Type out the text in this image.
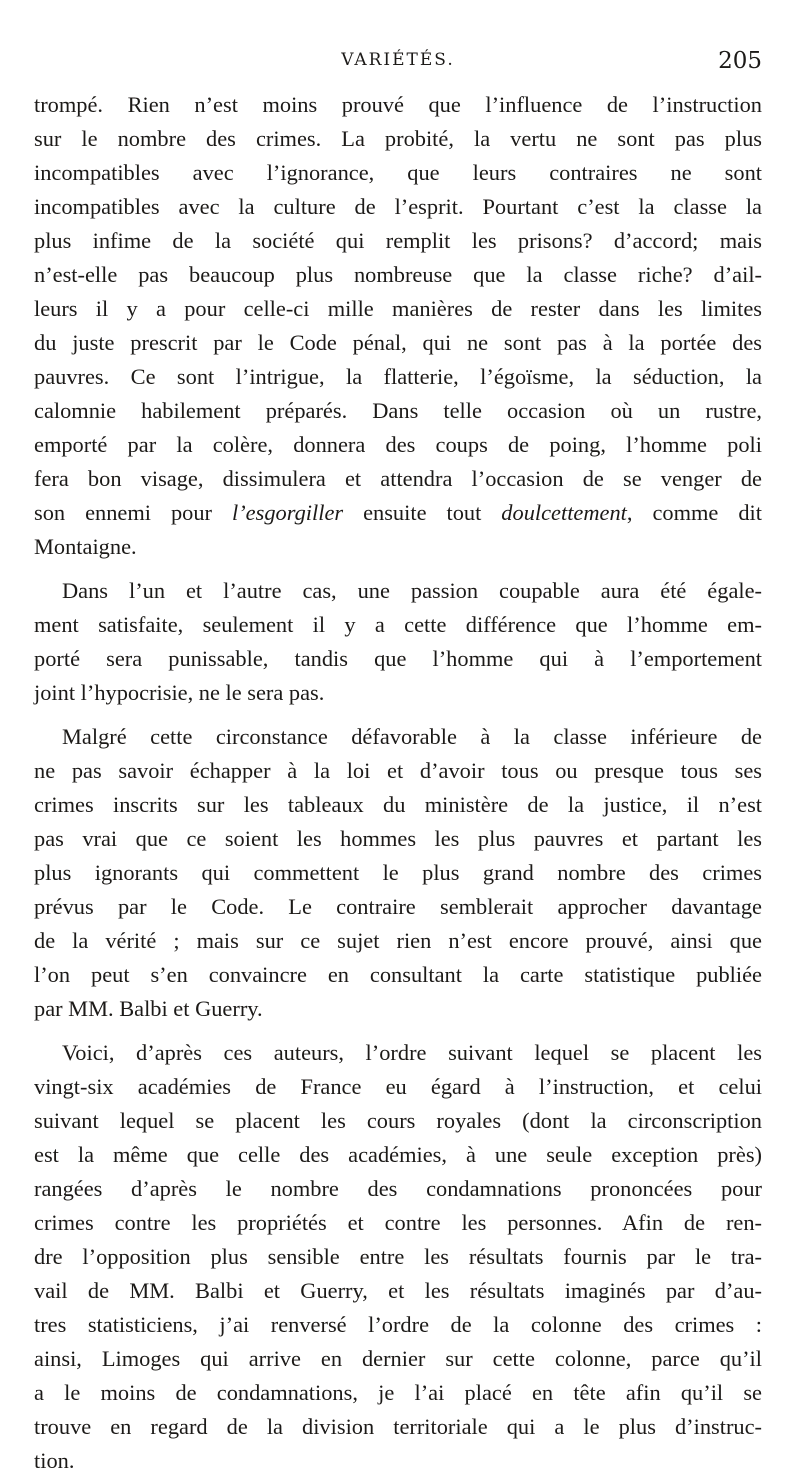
VARIÉTÉS.	205

trompé. Rien n’est moins prouvé que l’influence de l’instruction
sur le nombre des crimes. La probité, la vertu ne sont pas plus
incompatibles avec l’ignorance, que leurs contraires ne sont
incompatibles avec la culture de l’esprit. Pourtant c’est la classe la
plus infime de la société qui remplit les prisons? d’accord; mais
n’est-elle pas beaucoup plus nombreuse que la classe riche? d’ail-
leurs il y a pour celle-ci mille manières de rester dans les limites
du juste prescrit par le Code pénal, qui ne sont pas à la portée des
pauvres. Ce sont l’intrigue, la flatterie, l’égoïsme, la séduction, la
calomnie habilement préparés. Dans telle occasion où un rustre,
emporté par la colère, donnera des coups de poing, l’homme poli
fera bon visage, dissimulera et attendra l’occasion de se venger de
son ennemi pour l’esgorgiller ensuite tout doulcettement, comme dit
Montaigne.

Dans l’un et l’autre cas, une passion coupable aura été égale-
ment satisfaite, seulement il y a cette différence que l’homme em-
porté sera punissable, tandis que l’homme qui à l’emportement
joint l’hypocrisie, ne le sera pas.

Malgré cette circonstance défavorable à la classe inférieure de
ne pas savoir échapper à la loi et d’avoir tous ou presque tous ses
crimes inscrits sur les tableaux du ministère de la justice, il n’est
pas vrai que ce soient les hommes les plus pauvres et partant les
plus ignorants qui commettent le plus grand nombre des crimes
prévus par le Code. Le contraire semblerait approcher davantage
de la vérité ; mais sur ce sujet rien n’est encore prouvé, ainsi que
l’on peut s’en convaincre en consultant la carte statistique publiée
par MM. Balbi et Guerry.

Voici, d’après ces auteurs, l’ordre suivant lequel se placent les
vingt-six académies de France eu égard à l’instruction, et celui
suivant lequel se placent les cours royales (dont la circonscription
est la même que celle des académies, à une seule exception près)
rangées d’après le nombre des condamnations prononcées pour
crimes contre les propriétés et contre les personnes. Afin de ren-
dre l’opposition plus sensible entre les résultats fournis par le tra-
vail de MM. Balbi et Guerry, et les résultats imaginés par d’au-
tres statisticiens, j’ai renversé l’ordre de la colonne des crimes :
ainsi, Limoges qui arrive en dernier sur cette colonne, parce qu’il
a le moins de condamnations, je l’ai placé en tête afin qu’il se
trouve en regard de la division territoriale qui a le plus d’instruc-
tion.
